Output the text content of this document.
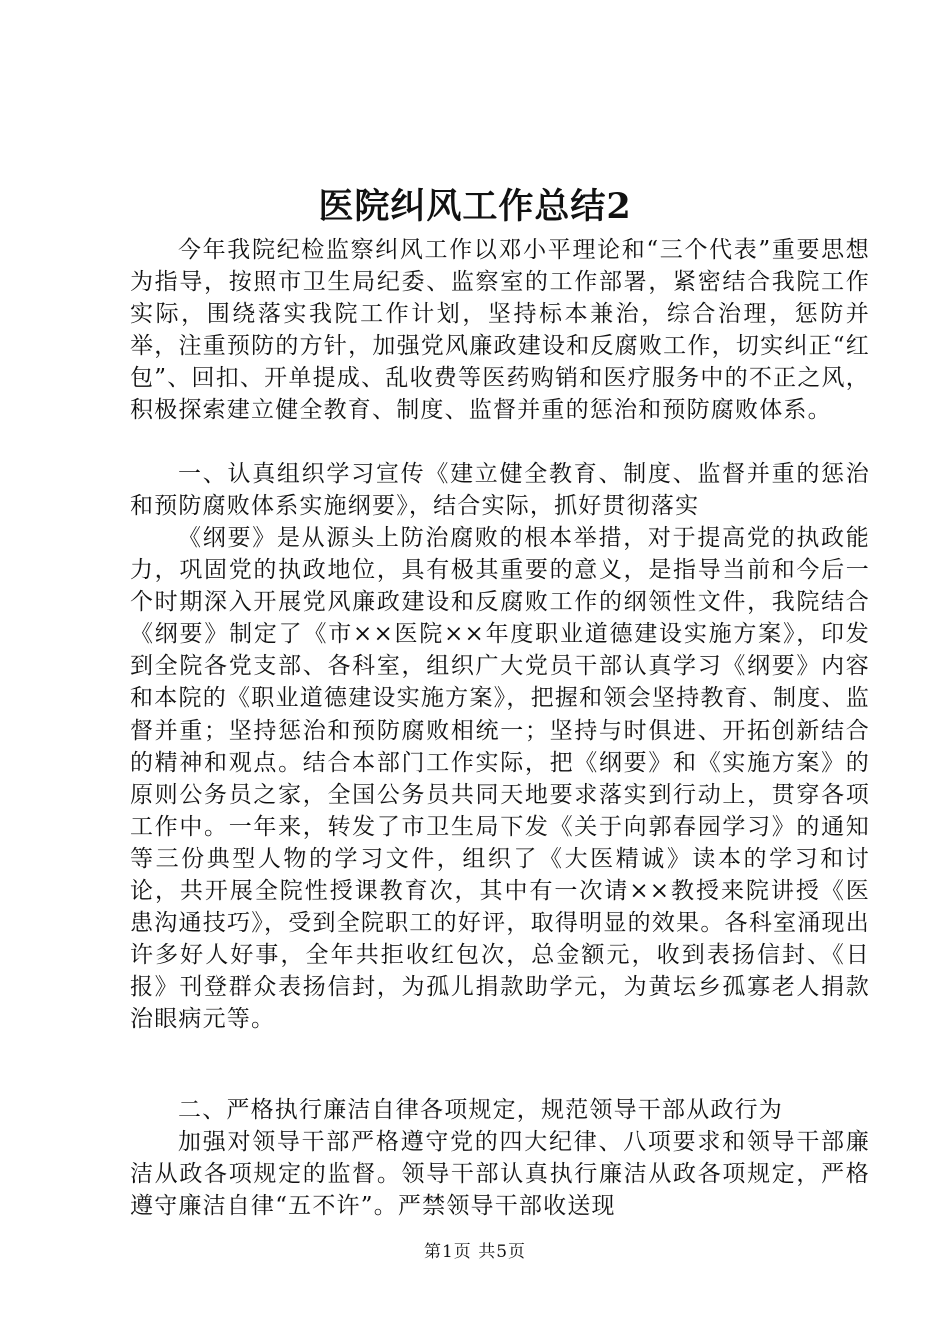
医院纠风工作总结2

今年我院纪检监察纠风工作以邓小平理论和“三个代表”重要思想为指导，按照市卫生局纪委、监察室的工作部署，紧密结合我院工作实际，围绕落实我院工作计划，坚持标本兼治，综合治理，惩防并举，注重预防的方针，加强党风廉政建设和反腐败工作，切实纠正“红包”、回扣、开单提成、乱收费等医药购销和医疗服务中的不正之风，积极探索建立健全教育、制度、监督并重的惩治和预防腐败体系。

一、认真组织学习宣传《建立健全教育、制度、监督并重的惩治和预防腐败体系实施纲要》，结合实际，抓好贯彻落实

《纲要》是从源头上防治腐败的根本举措，对于提高党的执政能力，巩固党的执政地位，具有极其重要的意义，是指导当前和今后一个时期深入开展党风廉政建设和反腐败工作的纲领性文件，我院结合《纲要》制定了《市××医院××年度职业道德建设实施方案》，印发到全院各党支部、各科室，组织广大党员干部认真学习《纲要》内容和本院的《职业道德建设实施方案》，把握和领会坚持教育、制度、监督并重；坚持惩治和预防腐败相统一；坚持与时俱进、开拓创新结合的精神和观点。结合本部门工作实际，把《纲要》和《实施方案》的原则公务员之家，全国公务员共同天地要求落实到行动上，贯穿各项工作中。一年来，转发了市卫生局下发《关于向郭春园学习》的通知等三份典型人物的学习文件，组织了《大医精诚》读本的学习和讨论，共开展全院性授课教育次，其中有一次请××教授来院讲授《医患沟通技巧》，受到全院职工的好评，取得明显的效果。各科室涌现出许多好人好事，全年共拒收红包次，总金额元，收到表扬信封、《日报》刊登群众表扬信封，为孤儿捐款助学元，为黄坛乡孤寡老人捐款治眼病元等。

二、严格执行廉洁自律各项规定，规范领导干部从政行为

加强对领导干部严格遵守党的四大纪律、八项要求和领导干部廉洁从政各项规定的监督。领导干部认真执行廉洁从政各项规定，严格遵守廉洁自律“五不许”。严禁领导干部收送现

第1页 共5页
